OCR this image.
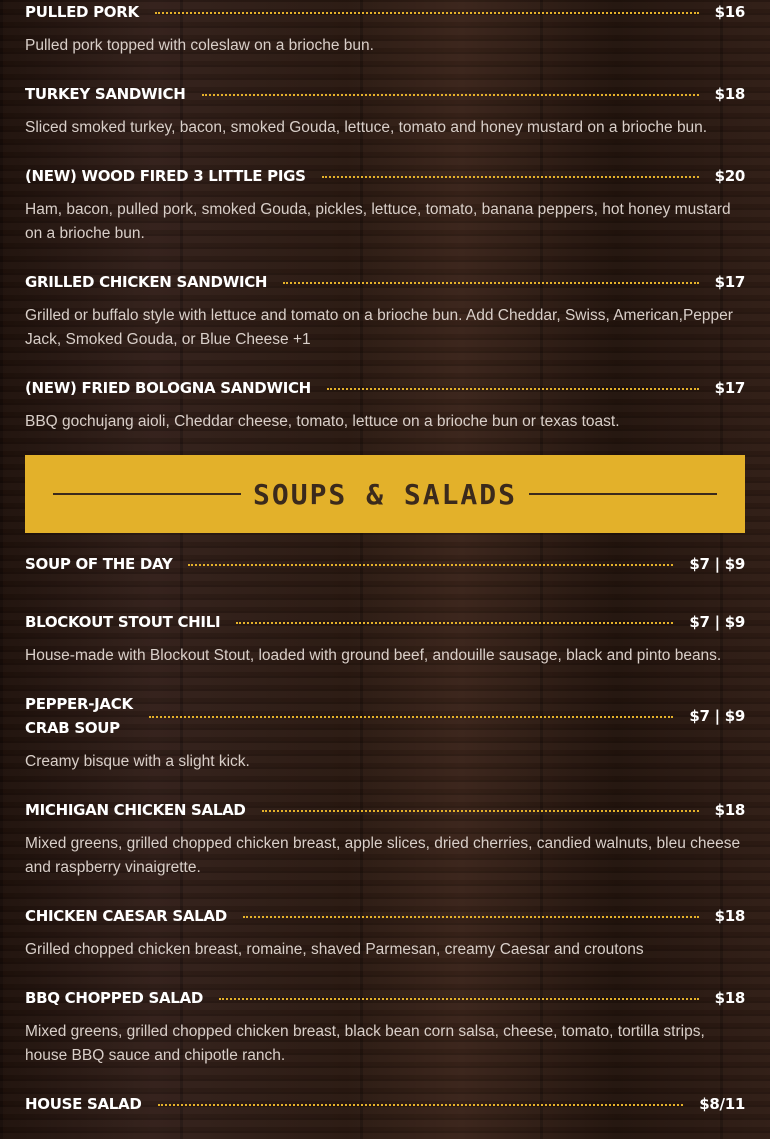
PULLED PORK	$16
Pulled pork topped with coleslaw on a brioche bun.
TURKEY SANDWICH	$18
Sliced smoked turkey, bacon, smoked Gouda, lettuce, tomato and honey mustard on a brioche bun.
(NEW) WOOD FIRED 3 LITTLE PIGS	$20
Ham, bacon, pulled pork, smoked Gouda, pickles, lettuce, tomato, banana peppers, hot honey mustard on a brioche bun.
GRILLED CHICKEN SANDWICH	$17
Grilled or buffalo style with lettuce and tomato on a brioche bun. Add Cheddar, Swiss, American,Pepper Jack, Smoked Gouda, or Blue Cheese +1
(NEW) FRIED BOLOGNA SANDWICH	$17
BBQ gochujang aioli, Cheddar cheese, tomato, lettuce on a brioche bun or texas toast.
SOUP OF THE DAY	$7 | $9
BLOCKOUT STOUT CHILI	$7 | $9
House-made with Blockout Stout, loaded with ground beef, andouille sausage, black and pinto beans.
PEPPER-JACK
CRAB SOUP
$7 | $9
Creamy bisque with a slight kick.
MICHIGAN CHICKEN SALAD	$18
Mixed greens, grilled chopped chicken breast, apple slices, dried cherries, candied walnuts, bleu cheese and raspberry vinaigrette.
CHICKEN CAESAR SALAD	$18
Grilled chopped chicken breast, romaine, shaved Parmesan, creamy Caesar and croutons
BBQ CHOPPED SALAD	$18
Mixed greens, grilled chopped chicken breast, black bean corn salsa, cheese, tomato, tortilla strips, house BBQ sauce and chipotle ranch.
HOUSE SALAD	$8/11
SOUPS & SALADS
